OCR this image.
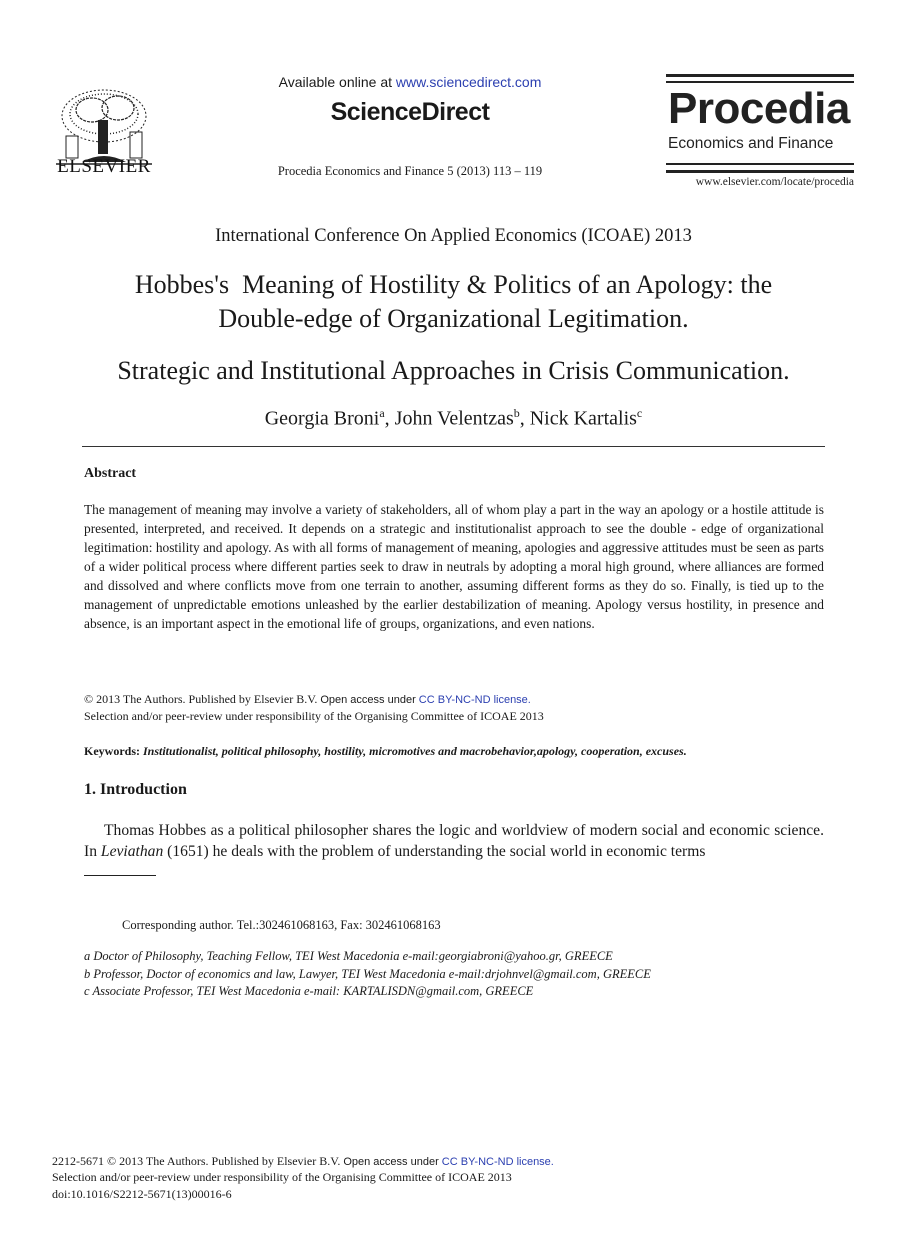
ELSEVIER
Available online at www.sciencedirect.com
ScienceDirect
Procedia Economics and Finance 5 (2013) 113 – 119
Procedia
Economics and Finance
www.elsevier.com/locate/procedia
International Conference On Applied Economics (ICOAE) 2013
Hobbes's  Meaning of Hostility & Politics of an Apology: the
Double-edge of Organizational Legitimation.
Strategic and Institutional Approaches in Crisis Communication.
Georgia Broni$^a$, John Velentzas$^b$, Nick Kartalis$^c$
Abstract
The management of meaning may involve a variety of stakeholders, all of whom play a part in the way an apology or a hostile attitude is presented, interpreted, and received. It depends on a strategic and institutionalist approach to see the double - edge of organizational legitimation: hostility and apology. As with all forms of management of meaning, apologies and aggressive attitudes must be seen as parts of a wider political process where different parties seek to draw in neutrals by adopting a moral high ground, where alliances are formed and dissolved and where conflicts move from one terrain to another, assuming different forms as they do so. Finally, is tied up to the management of unpredictable emotions unleashed by the earlier destabilization of meaning. Apology versus hostility, in presence and absence, is an important aspect in the emotional life of groups, organizations, and even nations.
© 2013 The Authors. Published by Elsevier B.V. Open access under CC BY-NC-ND license.
Selection and/or peer-review under responsibility of the Organising Committee of ICOAE 2013
Keywords: Institutionalist, political philosophy, hostility, micromotives and macrobehavior,apology, cooperation, excuses.
1. Introduction
Thomas Hobbes as a political philosopher shares the logic and worldview of modern social and economic science. In Leviathan (1651) he deals with the problem of understanding the social world in economic terms
Corresponding author. Tel.:302461068163, Fax: 302461068163
a Doctor of Philosophy, Teaching Fellow, TEI West Macedonia e-mail:georgiabroni@yahoo.gr, GREECE
b Professor, Doctor of economics and law, Lawyer, TEI West Macedonia e-mail:drjohnvel@gmail.com, GREECE
c Associate Professor, TEI West Macedonia e-mail: KARTALISDN@gmail.com, GREECE
2212-5671 © 2013 The Authors. Published by Elsevier B.V. Open access under CC BY-NC-ND license.
Selection and/or peer-review under responsibility of the Organising Committee of ICOAE 2013
doi:10.1016/S2212-5671(13)00016-6
